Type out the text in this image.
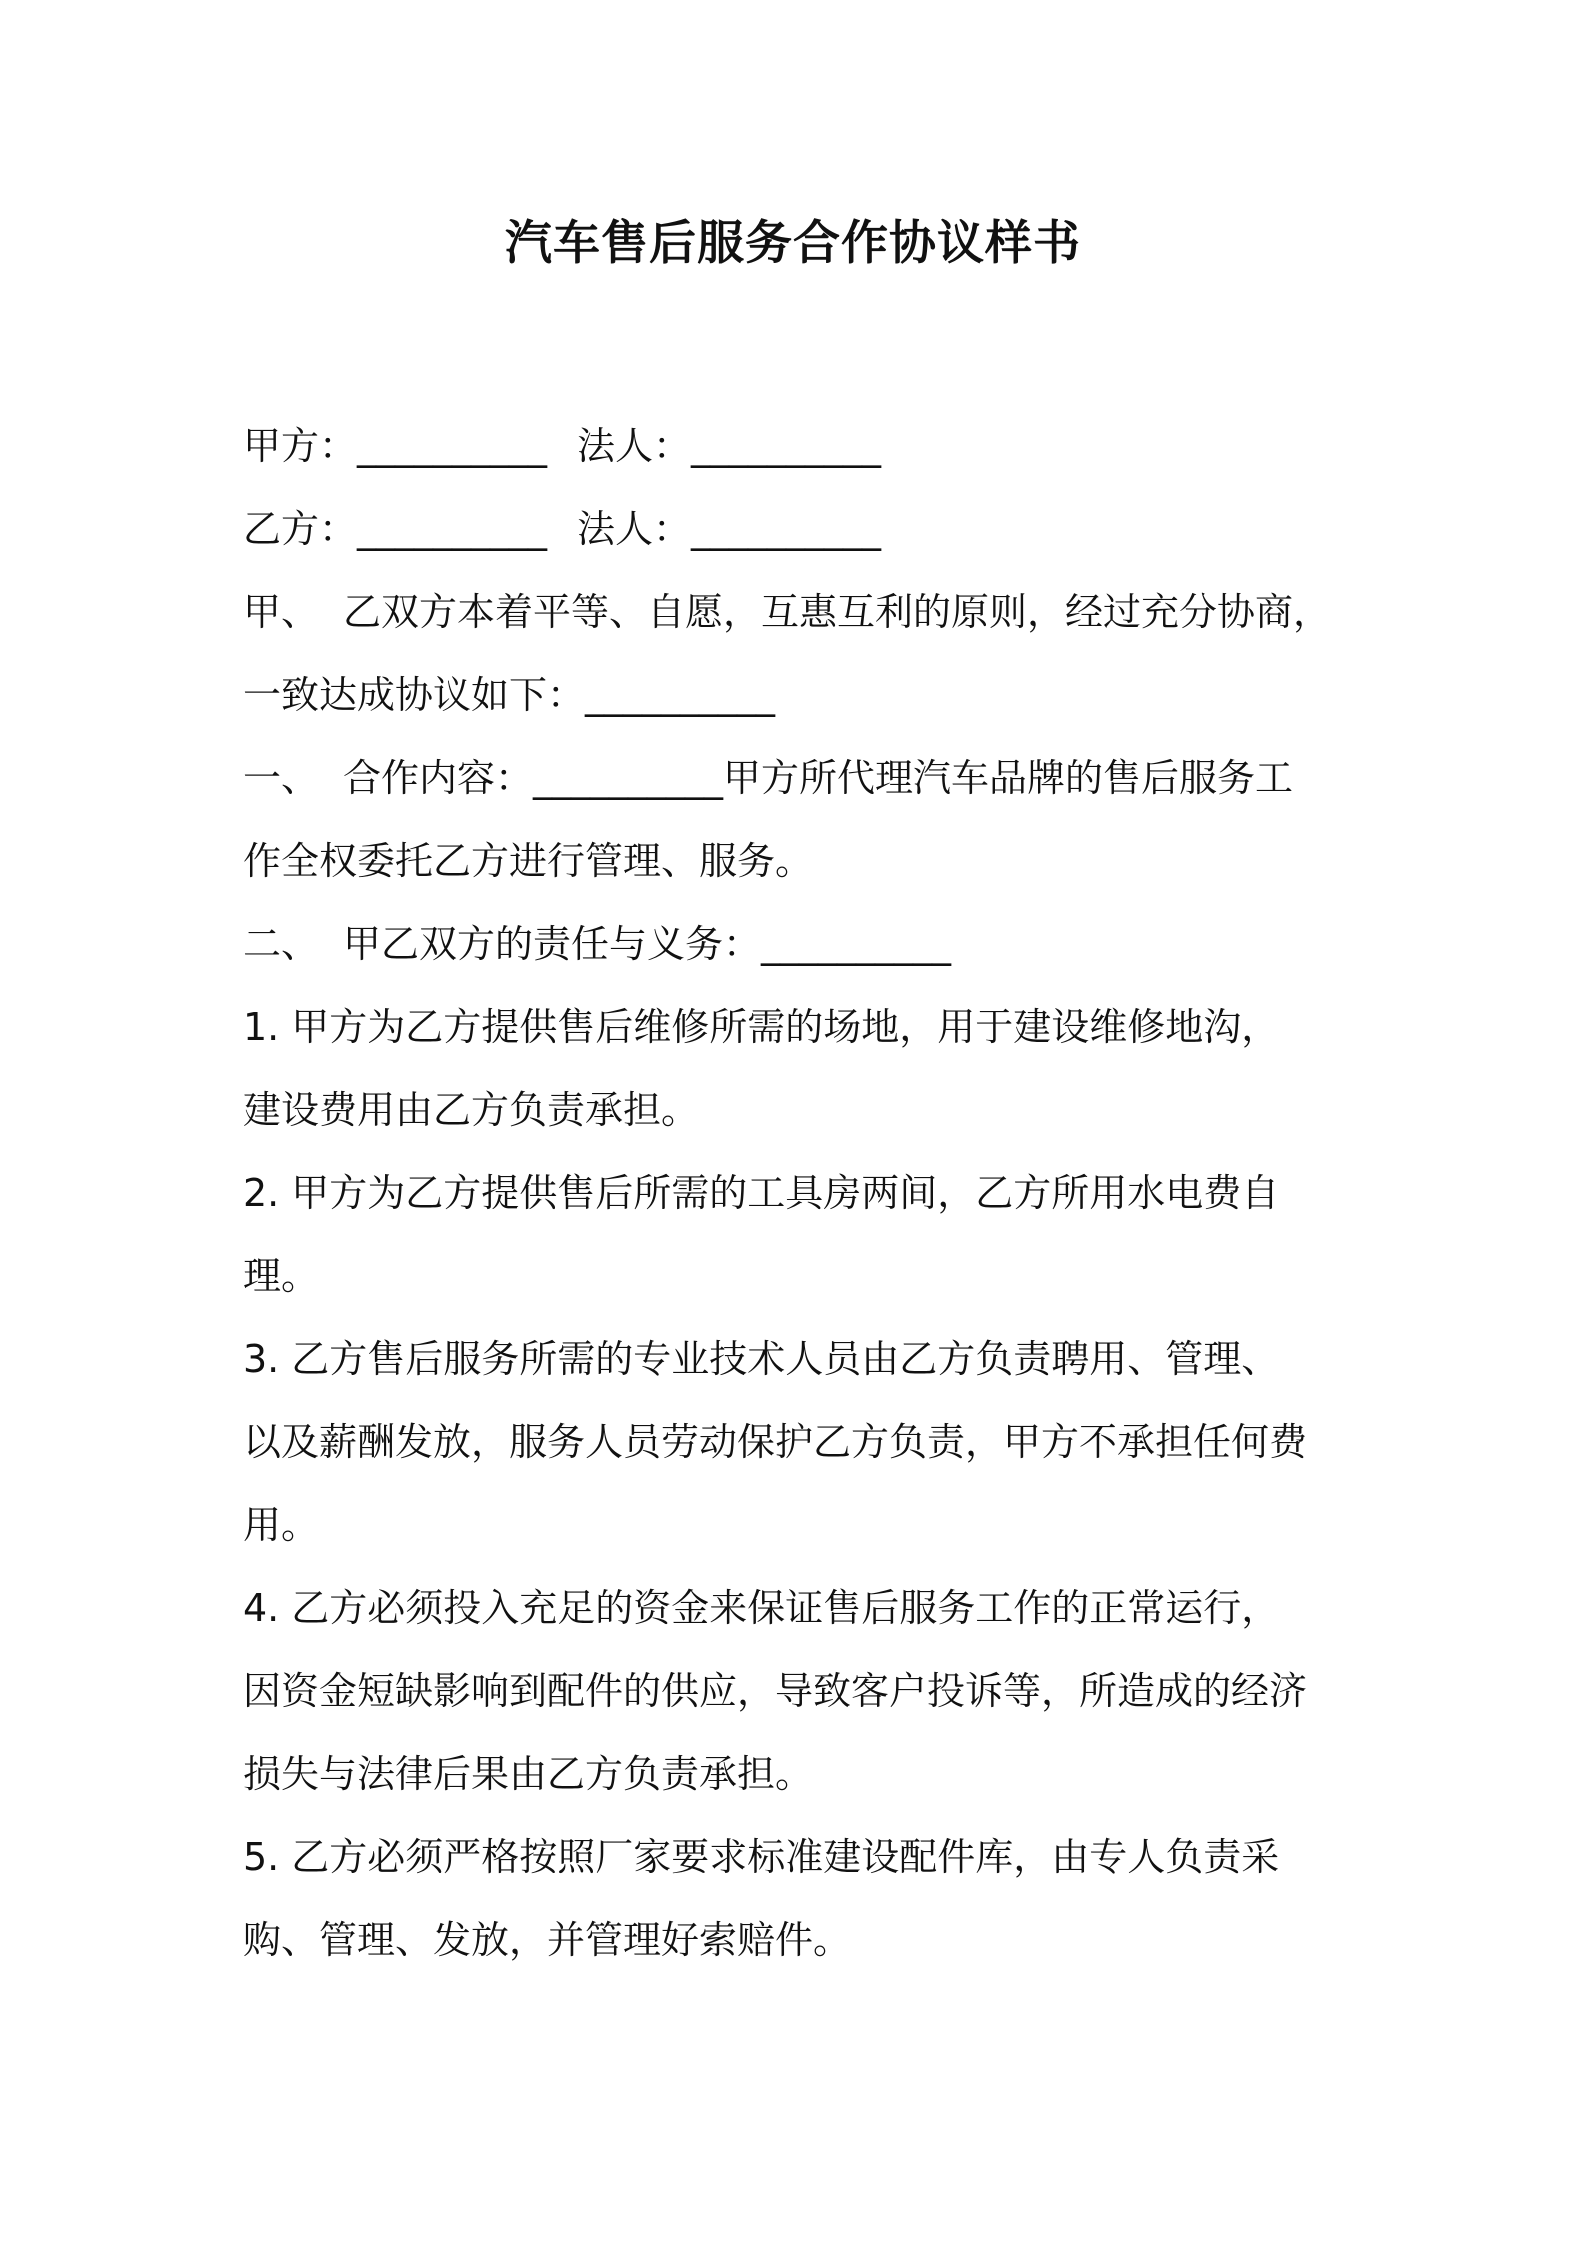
汽车售后服务合作协议样书
甲方：__________ 法人：__________
乙方：__________ 法人：__________
甲、 乙双方本着平等、自愿，互惠互利的原则，经过充分协商，
一致达成协议如下：__________
一、 合作内容：__________甲方所代理汽车品牌的售后服务工
作全权委托乙方进行管理、服务。
二、 甲乙双方的责任与义务：__________
1. 甲方为乙方提供售后维修所需的场地，用于建设维修地沟，
建设费用由乙方负责承担。
2. 甲方为乙方提供售后所需的工具房两间，乙方所用水电费自
理。
3. 乙方售后服务所需的专业技术人员由乙方负责聘用、管理、
以及薪酬发放，服务人员劳动保护乙方负责，甲方不承担任何费
用。
4. 乙方必须投入充足的资金来保证售后服务工作的正常运行，
因资金短缺影响到配件的供应，导致客户投诉等，所造成的经济
损失与法律后果由乙方负责承担。
5. 乙方必须严格按照厂家要求标准建设配件库，由专人负责采
购、管理、发放，并管理好索赔件。
